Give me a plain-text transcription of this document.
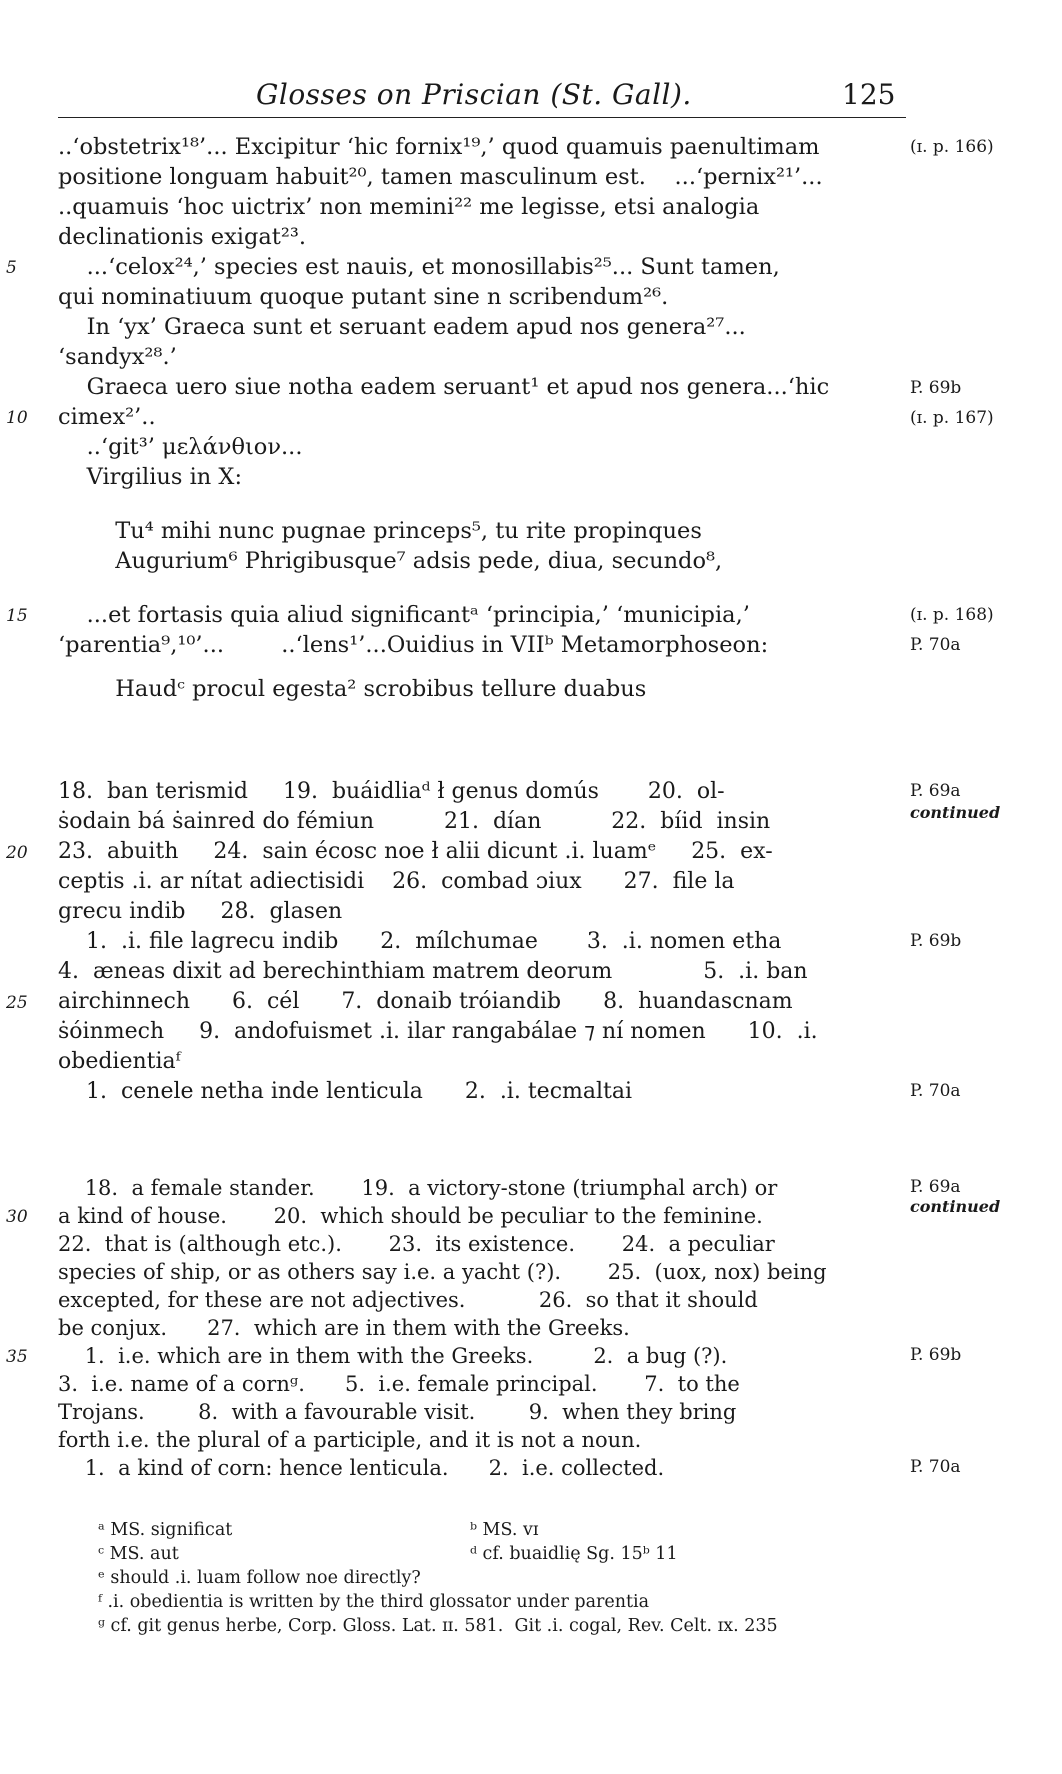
Glosses on Priscian (St. Gall).	125
..‘obstetrix¹⁸’... Excipitur ‘hic fornix¹⁹,’ quod quamuis paenultimam
positione longuam habuit²⁰, tamen masculinum est.    ...‘pernix²¹’...
..quamuis ‘hoc uictrix’ non memini²² me legisse, etsi analogia
declinationis exigat²³.
...‘celox²⁴,’ species est nauis, et monosillabis²⁵... Sunt tamen,
qui nominatiuum quoque putant sine n scribendum²⁶.
In ‘yx’ Graeca sunt et seruant eadem apud nos genera²⁷...
‘sandyx²⁸.’
Graeca uero siue notha eadem seruant¹ et apud nos genera...‘hic
cimex²’..
..‘git³’ μελάνθιον...
Virgilius in X:
Tu⁴ mihi nunc pugnae princeps⁵, tu rite propinques
Augurium⁶ Phrigibusque⁷ adsis pede, diua, secundo⁸,
...et fortasis quia aliud significantᵃ ‘principia,’ ‘municipia,’
‘parentia⁹,¹⁰’...        ..‘lens¹’...Ouidius in VIIᵇ Metamorphoseon:
Haudᶜ procul egesta² scrobibus tellure duabus
18.  ban terismid     19.  buáidliaᵈ ł genus domús       20.  ol-
ṡodain bá ṡainred do fémiun          21.  dían          22.  bíid  insin
23.  abuith     24.  sain écosc noe ł alii dicunt .i. luamᵉ     25.  ex-
ceptis .i. ar nítat adiectisidi    26.  combad ɔiux      27.  file la
grecu indib     28.  glasen
1.  .i. file lagrecu indib      2.  mílchumae       3.  .i. nomen etha
4.  æneas dixit ad berechinthiam matrem deorum             5.  .i. ban
airchinnech      6.  cél      7.  donaib tróiandib      8.  huandascnam
ṡóinmech     9.  andofuismet .i. ilar rangabálae ⁊ ní nomen      10.  .i.
obedientiaᶠ
1.  cenele netha inde lenticula      2.  .i. tecmaltai
18.  a female stander.       19.  a victory-stone (triumphal arch) or
a kind of house.       20.  which should be peculiar to the feminine.
22.  that is (although etc.).       23.  its existence.       24.  a peculiar
species of ship, or as others say i.e. a yacht (?).       25.  (uox, nox) being
excepted, for these are not adjectives.           26.  so that it should
be conjux.      27.  which are in them with the Greeks.
1.  i.e. which are in them with the Greeks.         2.  a bug (?).
3.  i.e. name of a cornᵍ.      5.  i.e. female principal.       7.  to the
Trojans.        8.  with a favourable visit.        9.  when they bring
forth i.e. the plural of a participle, and it is not a noun.
1.  a kind of corn: hence lenticula.      2.  i.e. collected.
5
10
15
20
25
30
35
(ɪ. p. 166)
P. 69b
(ɪ. p. 167)
(ɪ. p. 168)
P. 70a
P. 69a
continued
P. 69b
P. 70a
P. 69a
continued
P. 69b
P. 70a
ᵃ MS. significat	ᵇ MS. vɪ
ᶜ MS. aut	ᵈ cf. buaidlię Sg. 15ᵇ 11
ᵉ should .i. luam follow noe directly?
ᶠ .i. obedientia is written by the third glossator under parentia
ᵍ cf. git genus herbe, Corp. Gloss. Lat. ɪɪ. 581.  Git .i. cogal, Rev. Celt. ɪx. 235
